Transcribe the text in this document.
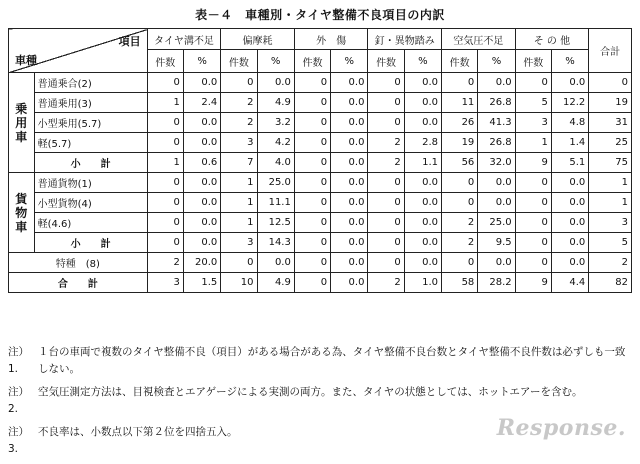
表－４　車種別・タイヤ整備不良項目の内訳
項目
車種		タイヤ溝不足		偏摩耗		外　傷		釘・異物踏み		空気圧不足		そ の 他		合計
		件数	%	件数	%	件数	%	件数	%	件数	%	件数	%	
乗用車	普通乗合(2)	0	0.0	0	0.0	0	0.0	0	0.0	0	0.0	0	0.0	0
	普通乗用(3)	1	2.4	2	4.9	0	0.0	0	0.0	11	26.8	5	12.2	19
	小型乗用(5.7)	0	0.0	2	3.2	0	0.0	0	0.0	26	41.3	3	4.8	31
	軽(5.7)	0	0.0	3	4.2	0	0.0	2	2.8	19	26.8	1	1.4	25
	小　　計	1	0.6	7	4.0	0	0.0	2	1.1	56	32.0	9	5.1	75
貨物車	普通貨物(1)	0	0.0	1	25.0	0	0.0	0	0.0	0	0.0	0	0.0	1
	小型貨物(4)	0	0.0	1	11.1	0	0.0	0	0.0	0	0.0	0	0.0	1
	軽(4.6)	0	0.0	1	12.5	0	0.0	0	0.0	2	25.0	0	0.0	3
	小　　計	0	0.0	3	14.3	0	0.0	0	0.0	2	9.5	0	0.0	5
特種　(8)		2	20.0	0	0.0	0	0.0	0	0.0	0	0.0	0	0.0	2
合　　計		3	1.5	10	4.9	0	0.0	2	1.0	58	28.2	9	4.4	82
注）1.
１台の車両で複数のタイヤ整備不良（項目）がある場合がある為、タイヤ整備不良台数とタイヤ整備不良件数は必ずしも一致しない。
注）2.
空気圧測定方法は、目視検査とエアゲージによる実測の両方。また、タイヤの状態としては、ホットエアーを含む。
注）3.
不良率は、小数点以下第２位を四捨五入。	Response.
